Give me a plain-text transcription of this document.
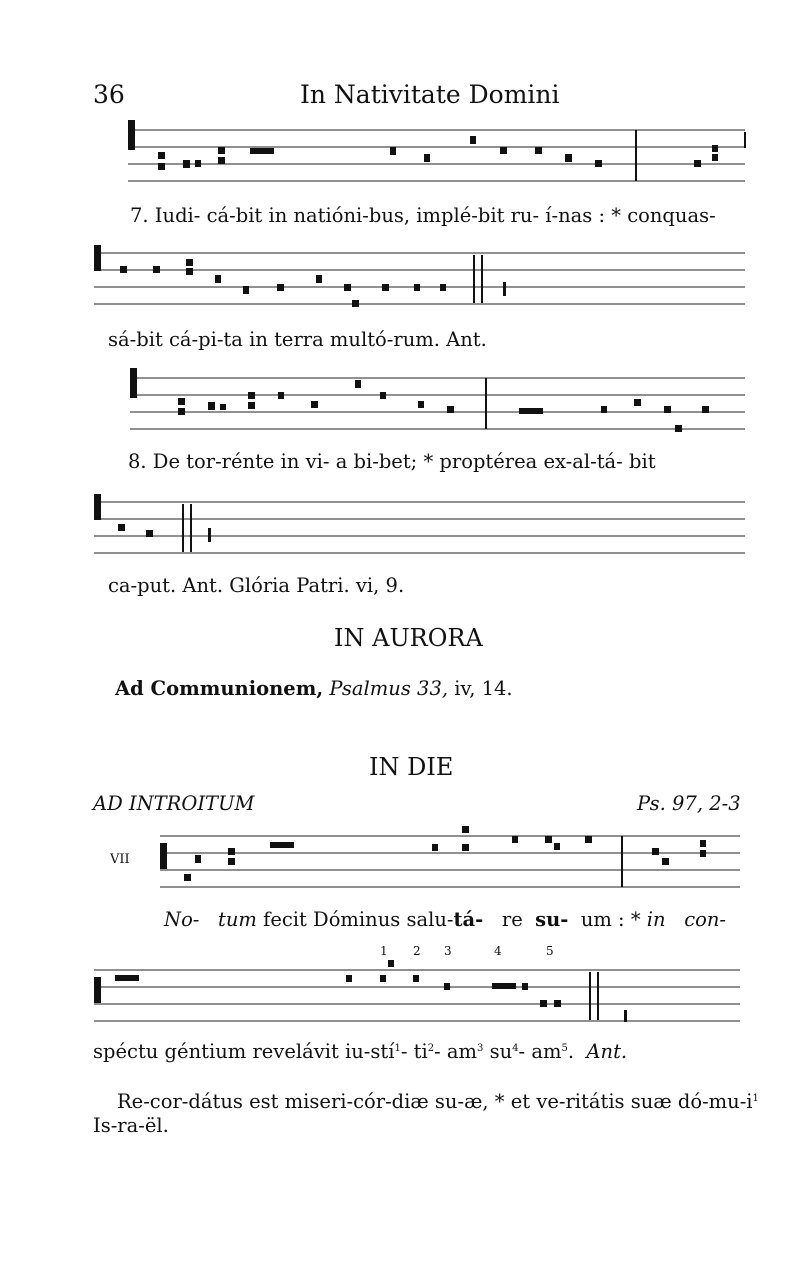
36	In Nativitate Domini
7. Iudi- cá-bit in natióni-bus, implé-bit ru- í-nas : * conquas-
sá-bit cá-pi-ta in terra multó-rum. Ant.
8. De tor-rénte in vi- a bi-bet; * proptérea ex-al-tá- bit
ca-put. Ant. Glória Patri. vi, 9.
IN AURORA
Ad Communionem, Psalmus 33, iv, 14.
IN DIE
AD INTROITUM	Ps. 97, 2-3
VII
No- tum fecit Dóminus salu-tá- re su- um : * in con-
1 2 3	4	5
spéctu géntium revelávit iu-stí$^1$- $ti^2-$ $am^3$ $su^4-$ $am^5$. Ant.
Re-cor-dátus est miseri-cór-diæ su-æ, * et ve-ritátis suæ $dó-mu-i^1$
Is-ra-ël.
